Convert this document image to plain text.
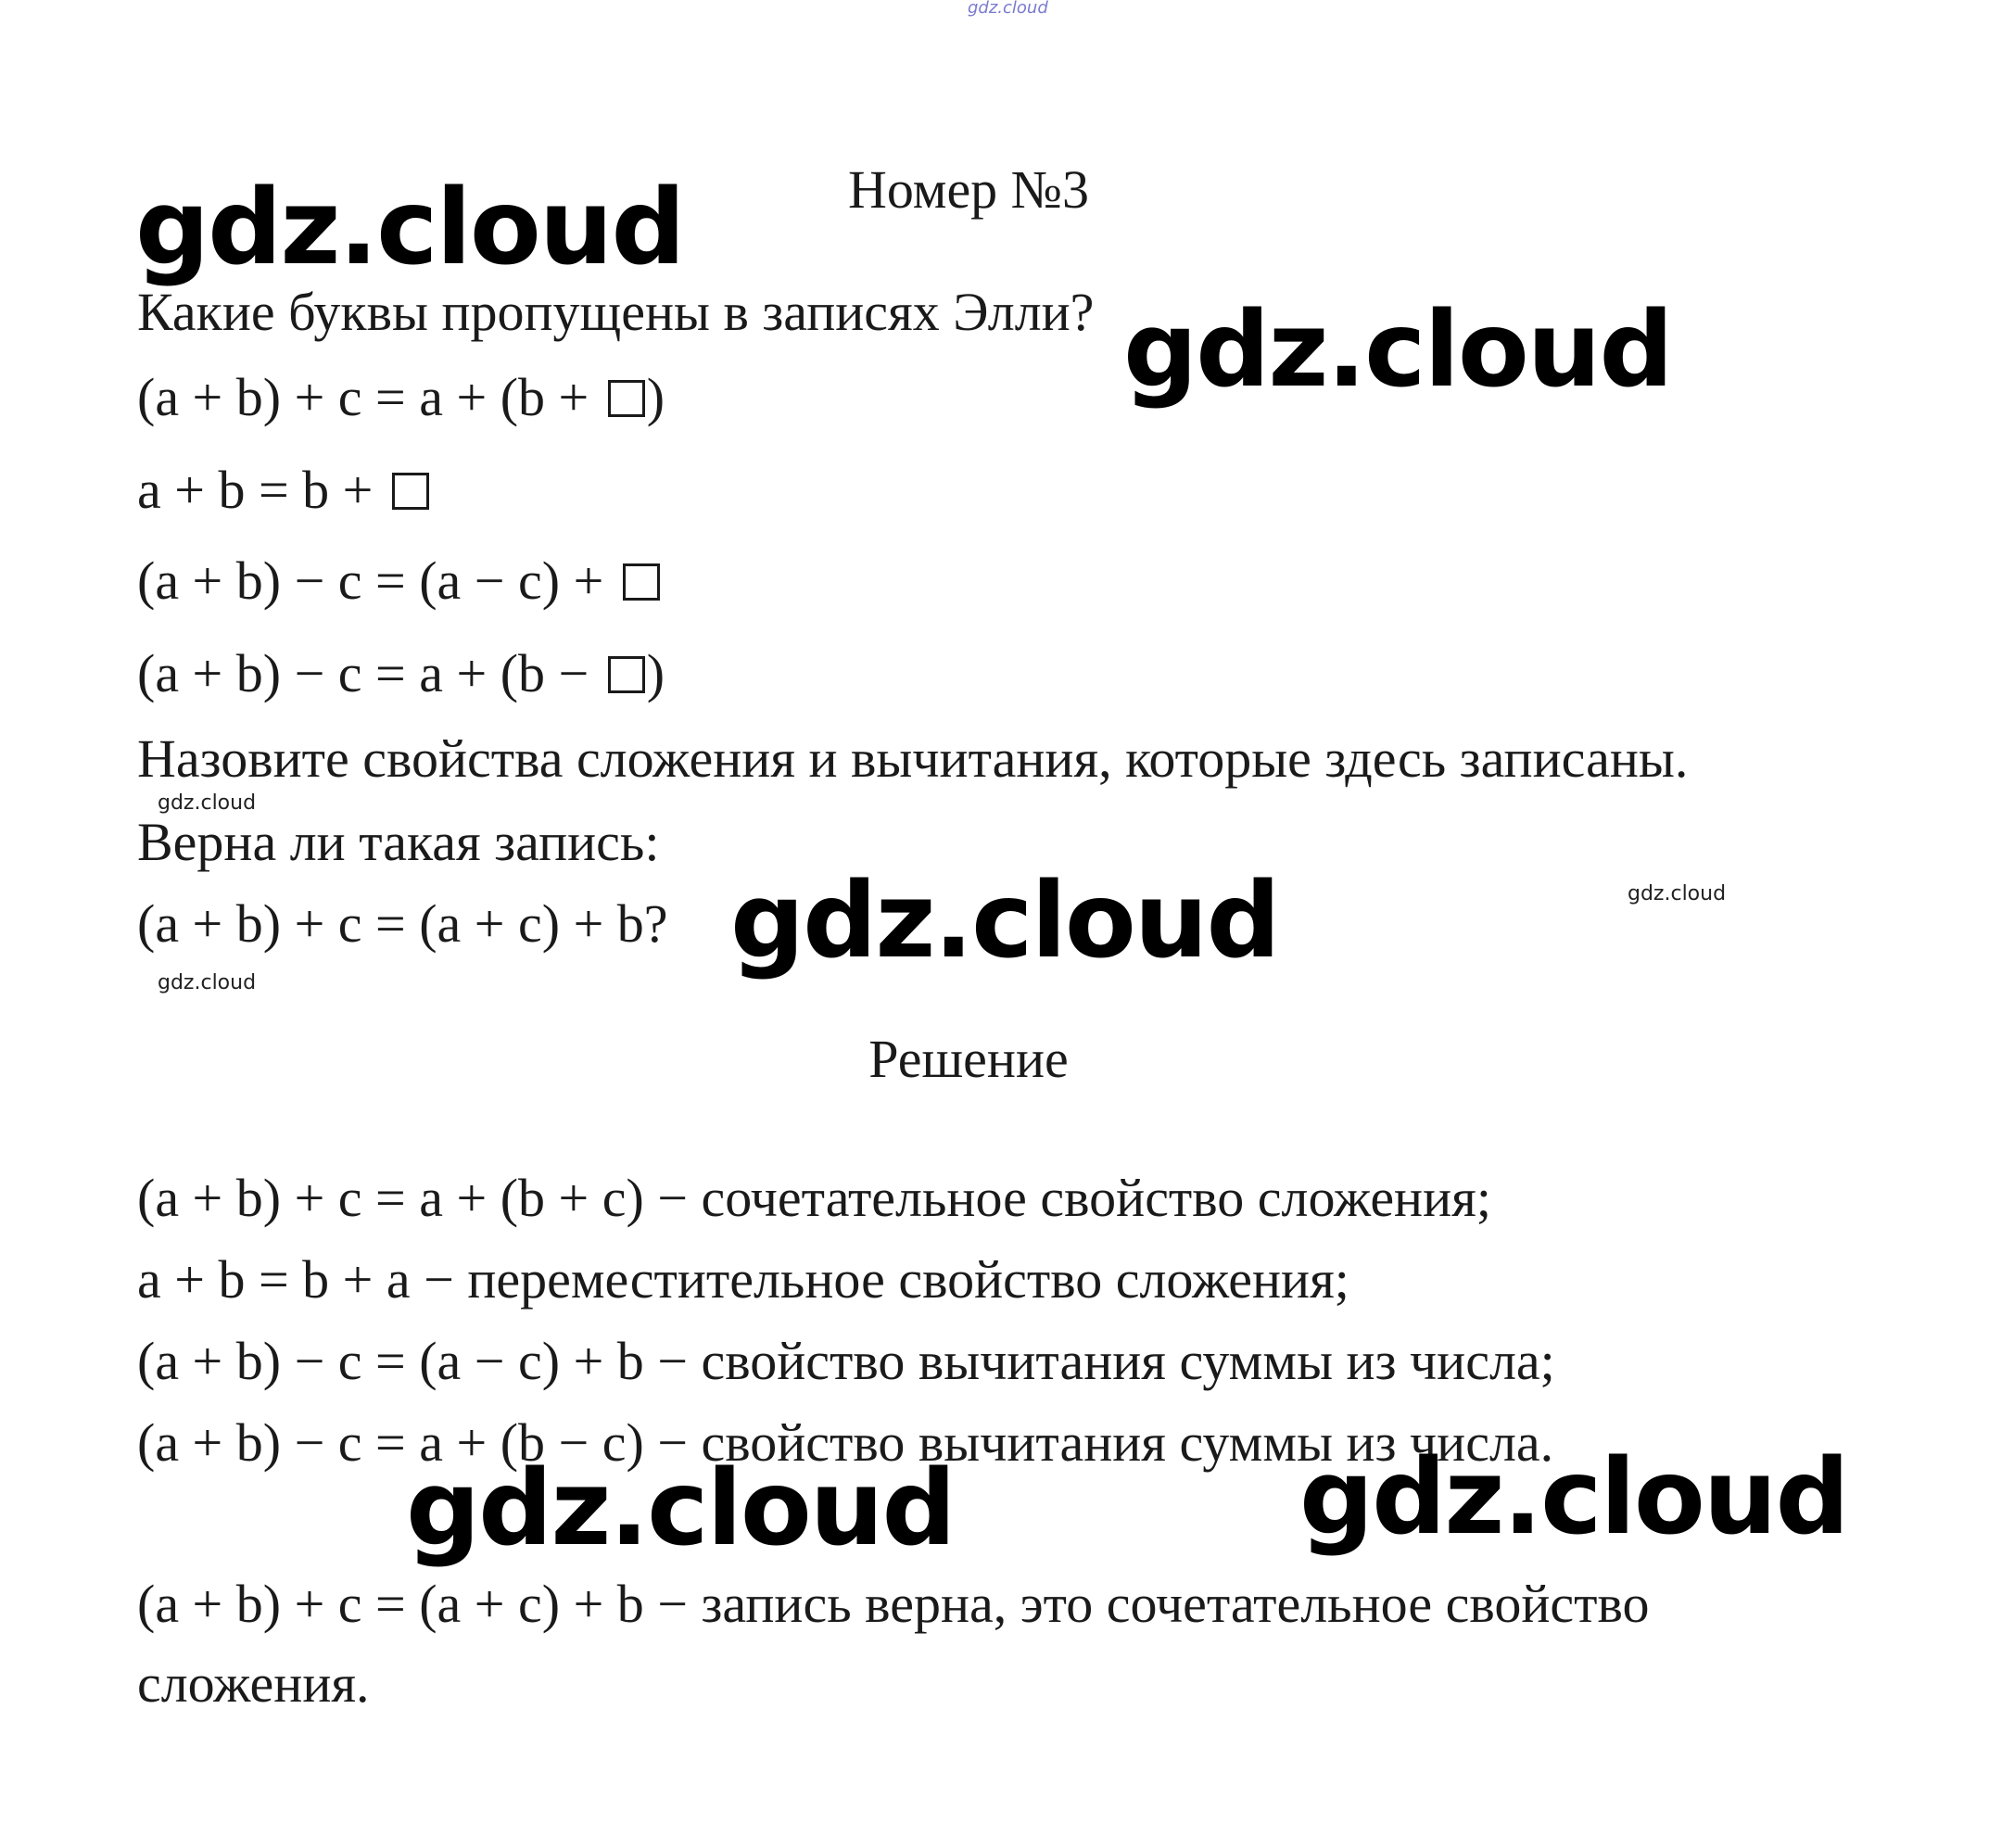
gdz.cloud
Номер №3
gdz.cloud
Какие буквы пропущены в записях Элли? gdz.cloud
(a + b) + c = a + (b + )
a + b = b +
(a + b) − c = (a − c) +
(a + b) − c = a + (b − )
Назовите свойства сложения и вычитания, которые здесь записаны.
gdz.cloud
Верна ли такая запись:
gdz.cloud
(a + b) + c = (a + c) + b? gdz.cloud
gdz.cloud
Решение
(a + b) + c = a + (b + c) − сочетательное свойство сложения;
a + b = b + a − переместительное свойство сложения;
(a + b) − c = (a − c) + b − свойство вычитания суммы из числа;
(a + b) − c = a + (b − c) − свойство вычитания суммы из числа.
gdz.cloud	gdz.cloud
(a + b) + c = (a + c) + b − запись верна, это сочетательное свойство
сложения.
